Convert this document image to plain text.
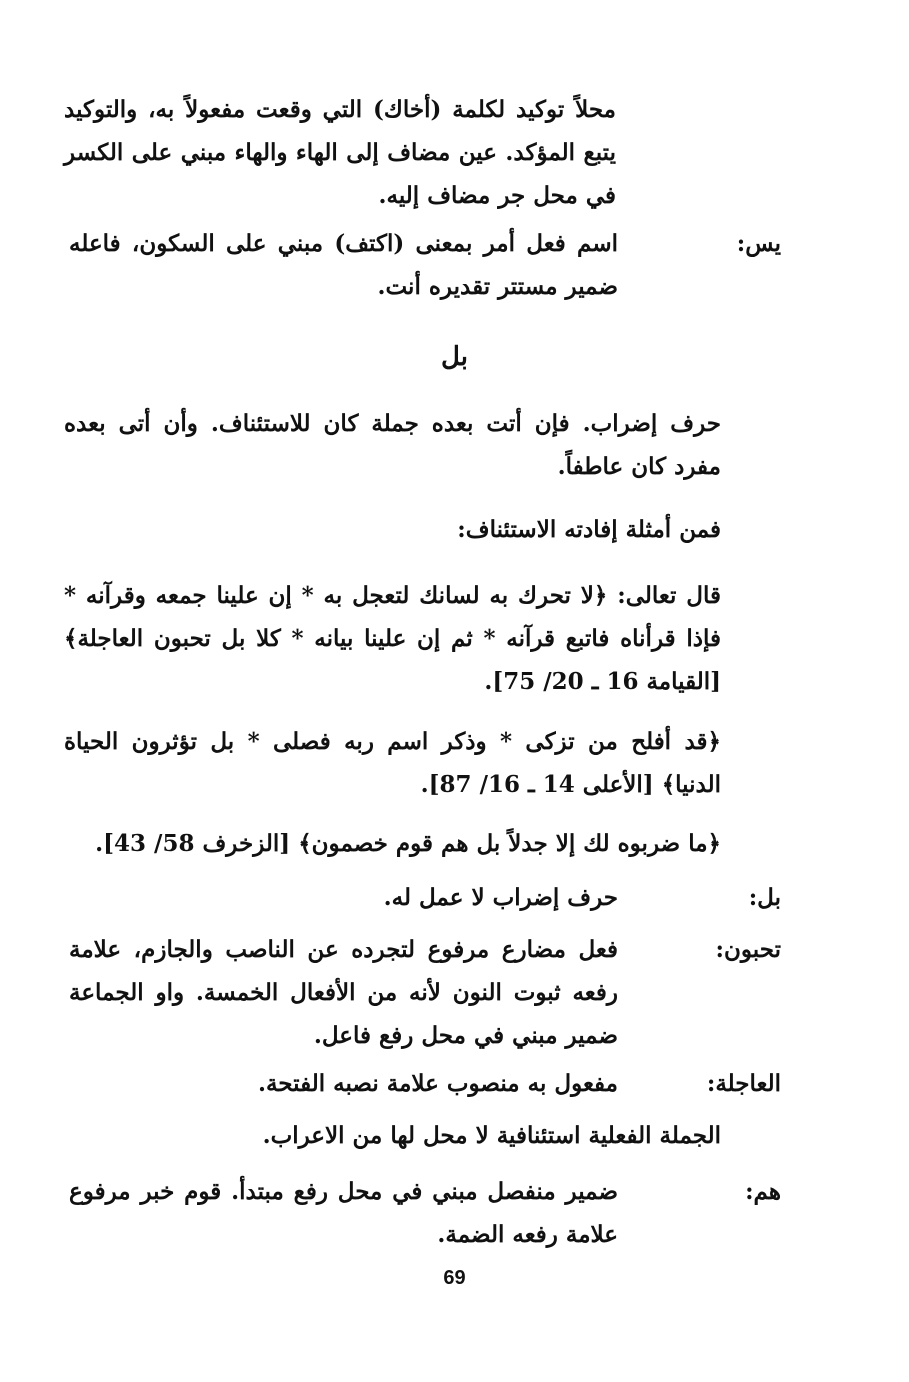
محلاً توكيد لكلمة (أخاك) التي وقعت مفعولاً به، والتوكيد يتبع المؤكد. عين مضاف إلى الهاء والهاء مبني على الكسر في محل جر مضاف إليه.
يس:
اسم فعل أمر بمعنى (اكتف) مبني على السكون، فاعله ضمير مستتر تقديره أنت.
بل
حرف إضراب. فإن أتت بعده جملة كان للاستئناف. وأن أتى بعده مفرد كان عاطفاً.
فمن أمثلة إفادته الاستئناف:
قال تعالى: ﴿لا تحرك به لسانك لتعجل به * إن علينا جمعه وقرآنه * فإذا قرأناه فاتبع قرآنه * ثم إن علينا بيانه * كلا بل تحبون العاجلة﴾ [القيامة 16 ـ 20/ 75].
﴿قد أفلح من تزكى * وذكر اسم ربه فصلى * بل تؤثرون الحياة الدنيا﴾ [الأعلى 14 ـ 16/ 87].
﴿ما ضربوه لك إلا جدلاً بل هم قوم خصمون﴾ [الزخرف 58/ 43].
بل:
حرف إضراب لا عمل له.
تحبون:
فعل مضارع مرفوع لتجرده عن الناصب والجازم، علامة رفعه ثبوت النون لأنه من الأفعال الخمسة. واو الجماعة ضمير مبني في محل رفع فاعل.
العاجلة:
مفعول به منصوب علامة نصبه الفتحة.
الجملة الفعلية استئنافية لا محل لها من الاعراب.
هم:
ضمير منفصل مبني في محل رفع مبتدأ. قوم خبر مرفوع علامة رفعه الضمة.
69
